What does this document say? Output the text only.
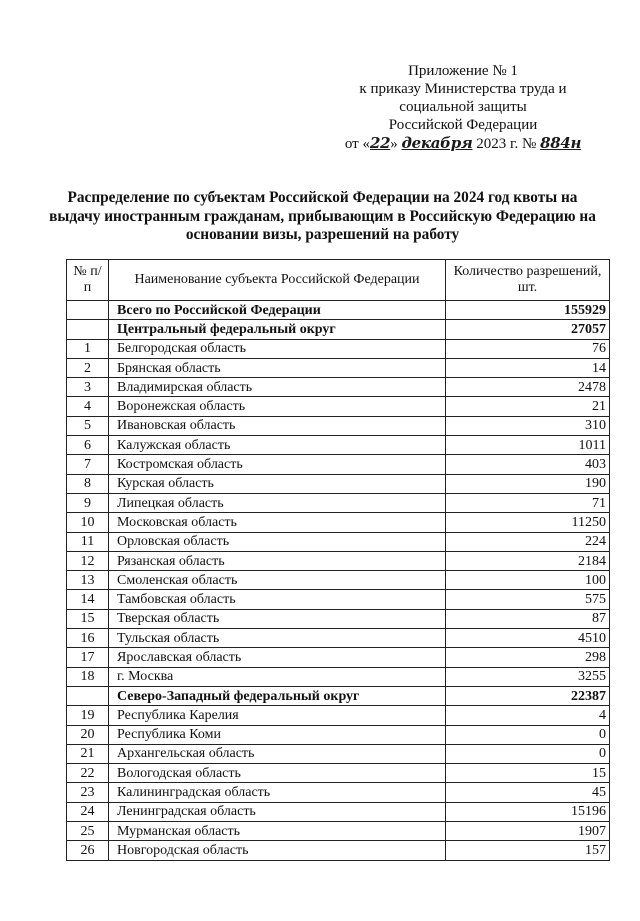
Приложение № 1
к приказу Министерства труда и
социальной защиты
Российской Федерации
от «22» декабря 2023 г. № 884н
Распределение по субъектам Российской Федерации на 2024 год квоты на выдачу иностранным гражданам, прибывающим в Российскую Федерацию на основании визы, разрешений на работу
№ п/п	Наименование субъекта Российской Федерации	Количество разрешений, шт.
	Всего по Российской Федерации	155929
	Центральный федеральный округ	27057
1	Белгородская область	76
2	Брянская область	14
3	Владимирская область	2478
4	Воронежская область	21
5	Ивановская область	310
6	Калужская область	1011
7	Костромская область	403
8	Курская область	190
9	Липецкая область	71
10	Московская область	11250
11	Орловская область	224
12	Рязанская область	2184
13	Смоленская область	100
14	Тамбовская область	575
15	Тверская область	87
16	Тульская область	4510
17	Ярославская область	298
18	г. Москва	3255
	Северо-Западный федеральный округ	22387
19	Республика Карелия	4
20	Республика Коми	0
21	Архангельская область	0
22	Вологодская область	15
23	Калининградская область	45
24	Ленинградская область	15196
25	Мурманская область	1907
26	Новгородская область	157
